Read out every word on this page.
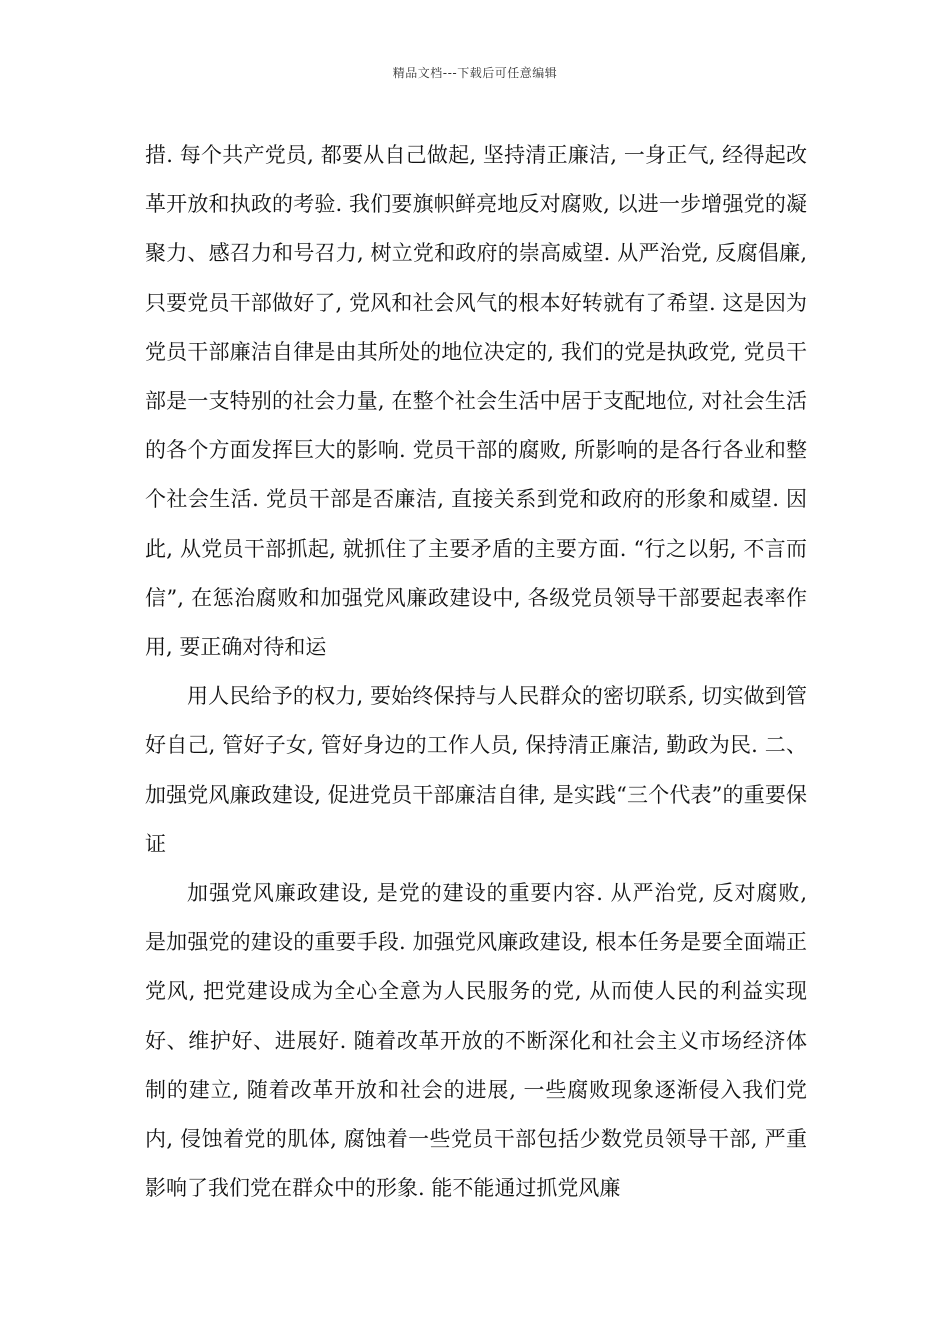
精品文档---下载后可任意编辑

措. 每个共产党员, 都要从自己做起, 坚持清正廉洁, 一身正气, 经得起改革开放和执政的考验. 我们要旗帜鲜亮地反对腐败, 以进一步增强党的凝聚力、感召力和号召力, 树立党和政府的崇高威望. 从严治党, 反腐倡廉, 只要党员干部做好了, 党风和社会风气的根本好转就有了希望. 这是因为党员干部廉洁自律是由其所处的地位决定的, 我们的党是执政党, 党员干部是一支特别的社会力量, 在整个社会生活中居于支配地位, 对社会生活的各个方面发挥巨大的影响. 党员干部的腐败, 所影响的是各行各业和整个社会生活. 党员干部是否廉洁, 直接关系到党和政府的形象和威望. 因此, 从党员干部抓起, 就抓住了主要矛盾的主要方面. “行之以躬, 不言而信”, 在惩治腐败和加强党风廉政建设中, 各级党员领导干部要起表率作用, 要正确对待和运

用人民给予的权力, 要始终保持与人民群众的密切联系, 切实做到管好自己, 管好子女, 管好身边的工作人员, 保持清正廉洁, 勤政为民. 二、加强党风廉政建设, 促进党员干部廉洁自律, 是实践“三个代表”的重要保证

加强党风廉政建设, 是党的建设的重要内容. 从严治党, 反对腐败, 是加强党的建设的重要手段. 加强党风廉政建设, 根本任务是要全面端正党风, 把党建设成为全心全意为人民服务的党, 从而使人民的利益实现好、维护好、进展好. 随着改革开放的不断深化和社会主义市场经济体制的建立, 随着改革开放和社会的进展, 一些腐败现象逐渐侵入我们党内, 侵蚀着党的肌体, 腐蚀着一些党员干部包括少数党员领导干部, 严重影响了我们党在群众中的形象. 能不能通过抓党风廉
